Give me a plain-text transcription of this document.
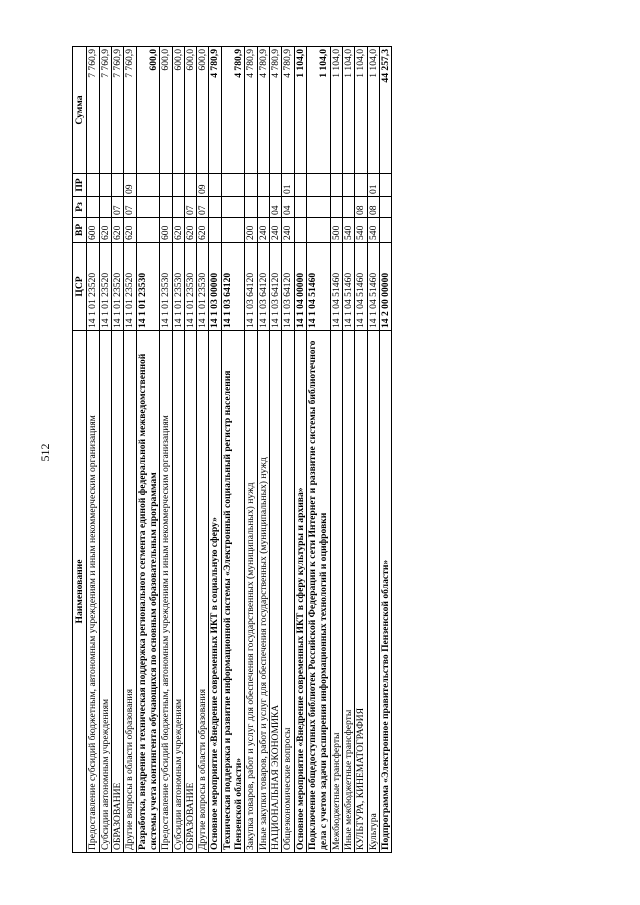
512
Наименование	ЦСР	ВР	Рз	ПР	Сумма
Предоставление субсидий бюджетным, автономным учреждениям и иным некоммерческим организациям	14 1 01 23520	600			7 760,9
Субсидии автономным учреждениям	14 1 01 23520	620			7 760,9
ОБРАЗОВАНИЕ	14 1 01 23520	620	07		7 760,9
Другие вопросы в области образования	14 1 01 23520	620	07	09	7 760,9
Разработка, внедрение и техническая поддержка регионального сегмента единой федеральной межведомственной системы учета контингента обучающихся по основным образовательным программам	14 1 01 23530				600,0
Предоставление субсидий бюджетным, автономным учреждениям и иным некоммерческим организациям	14 1 01 23530	600			600,0
Субсидии автономным учреждениям	14 1 01 23530	620			600,0
ОБРАЗОВАНИЕ	14 1 01 23530	620	07		600,0
Другие вопросы в области образования	14 1 01 23530	620	07	09	600,0
Основное мероприятие «Внедрение современных ИКТ в социальную сферу»	14 1 03 00000				4 780,9
Техническая поддержка и развитие информационной системы «Электронный социальный регистр населения Пензенской области»	14 1 03 64120				4 780,9
Закупка товаров, работ и услуг для обеспечения государственных (муниципальных) нужд	14 1 03 64120	200			4 780,9
Иные закупки товаров, работ и услуг для обеспечения государственных (муниципальных) нужд	14 1 03 64120	240			4 780,9
НАЦИОНАЛЬНАЯ ЭКОНОМИКА	14 1 03 64120	240	04		4 780,9
Общеэкономические вопросы	14 1 03 64120	240	04	01	4 780,9
Основное мероприятие «Внедрение современных ИКТ в сферу культуры и архива»	14 1 04 00000				1 104,0
Подключение общедоступных библиотек Российской Федерации к сети Интернет и развитие системы библиотечного дела с учетом задачи расширения информационных технологий и оцифровки	14 1 04 51460				1 104,0
Межбюджетные трансферты	14 1 04 51460	500			1 104,0
Иные межбюджетные трансферты	14 1 04 51460	540			1 104,0
КУЛЬТУРА, КИНЕМАТОГРАФИЯ	14 1 04 51460	540	08		1 104,0
Культура	14 1 04 51460	540	08	01	1 104,0
Подпрограмма «Электронное правительство Пензенской области»	14 2 00 00000				44 257,3
